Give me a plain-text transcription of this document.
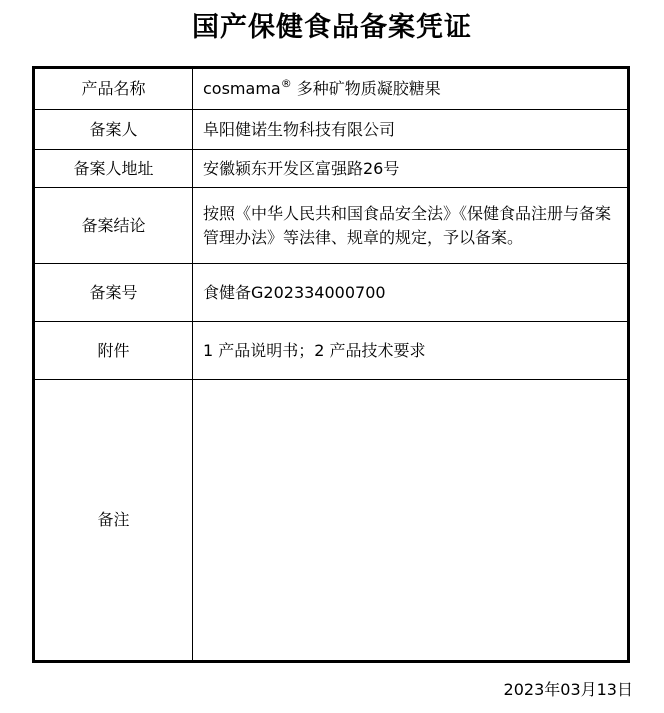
国产保健食品备案凭证
产品名称	cosmama® 多种矿物质凝胶糖果
备案人	阜阳健诺生物科技有限公司
备案人地址	安徽颍东开发区富强路26号
备案结论	按照《中华人民共和国食品安全法》《保健食品注册与备案管理办法》等法律、规章的规定，予以备案。
备案号	食健备G202334000700
附件	1 产品说明书；2 产品技术要求
备注	
2023年03月13日
